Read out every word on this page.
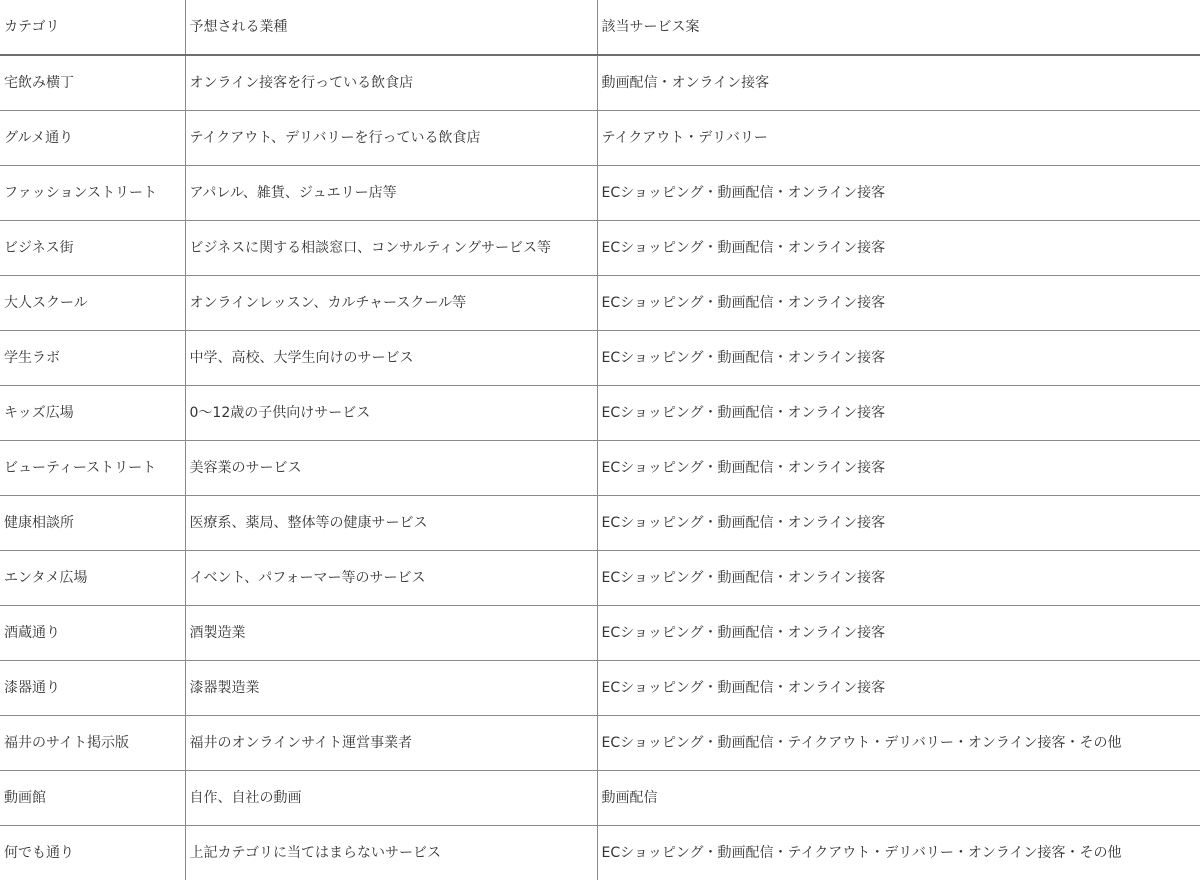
カテゴリ	予想される業種	該当サービス案
宅飲み横丁	オンライン接客を行っている飲食店	動画配信・オンライン接客
グルメ通り	テイクアウト、デリバリーを行っている飲食店	テイクアウト・デリバリー
ファッションストリート	アパレル、雑貨、ジュエリー店等	ECショッピング・動画配信・オンライン接客
ビジネス街	ビジネスに関する相談窓口、コンサルティングサービス等	ECショッピング・動画配信・オンライン接客
大人スクール	オンラインレッスン、カルチャースクール等	ECショッピング・動画配信・オンライン接客
学生ラボ	中学、高校、大学生向けのサービス	ECショッピング・動画配信・オンライン接客
キッズ広場	0～12歳の子供向けサービス	ECショッピング・動画配信・オンライン接客
ビューティーストリート	美容業のサービス	ECショッピング・動画配信・オンライン接客
健康相談所	医療系、薬局、整体等の健康サービス	ECショッピング・動画配信・オンライン接客
エンタメ広場	イベント、パフォーマー等のサービス	ECショッピング・動画配信・オンライン接客
酒蔵通り	酒製造業	ECショッピング・動画配信・オンライン接客
漆器通り	漆器製造業	ECショッピング・動画配信・オンライン接客
福井のサイト掲示版	福井のオンラインサイト運営事業者	ECショッピング・動画配信・テイクアウト・デリバリー・オンライン接客・その他
動画館	自作、自社の動画	動画配信
何でも通り	上記カテゴリに当てはまらないサービス	ECショッピング・動画配信・テイクアウト・デリバリー・オンライン接客・その他
